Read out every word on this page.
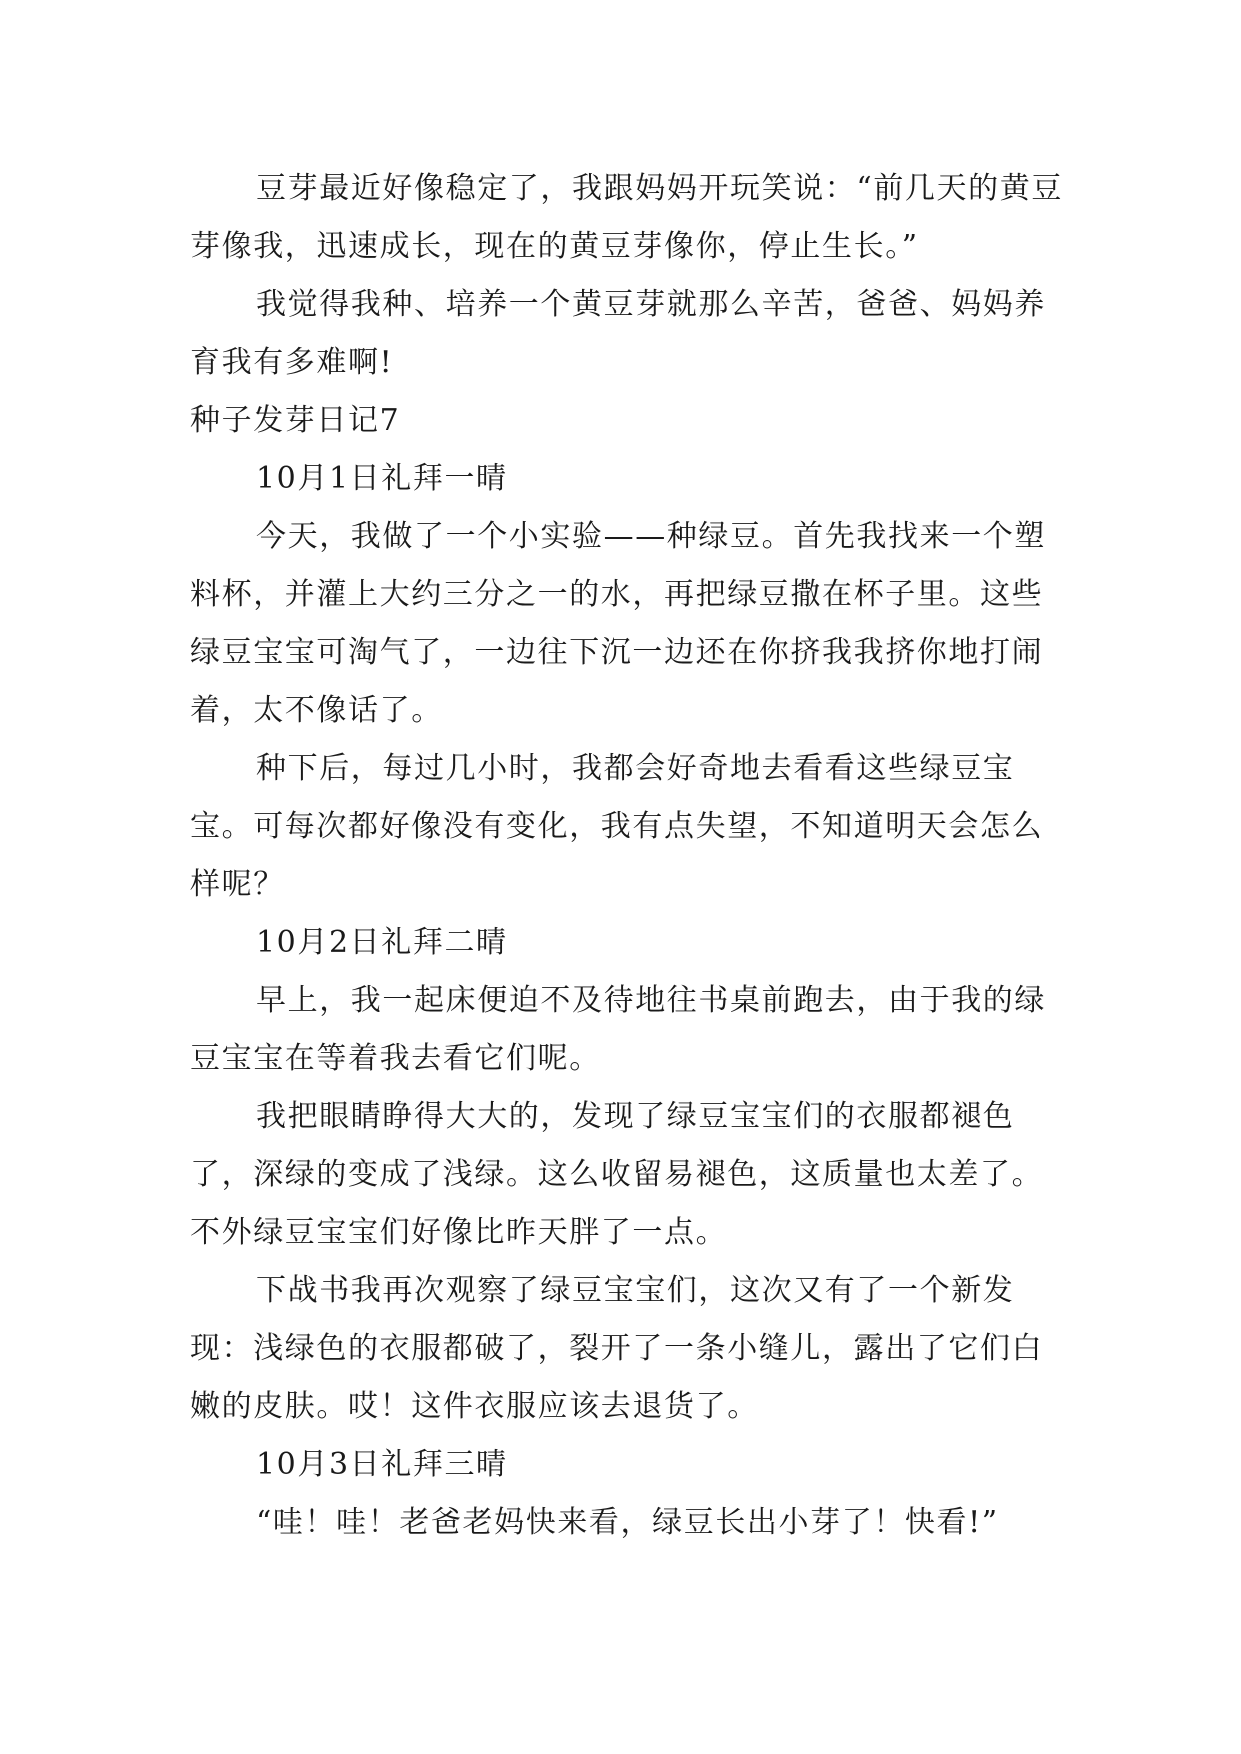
豆芽最近好像稳定了，我跟妈妈开玩笑说：“前几天的黄豆芽像我，迅速成长，现在的黄豆芽像你，停止生长。”

我觉得我种、培养一个黄豆芽就那么辛苦，爸爸、妈妈养育我有多难啊!

种子发芽日记7

10月1日礼拜一晴

今天，我做了一个小实验——种绿豆。首先我找来一个塑料杯，并灌上大约三分之一的水，再把绿豆撒在杯子里。这些绿豆宝宝可淘气了，一边往下沉一边还在你挤我我挤你地打闹着，太不像话了。

种下后，每过几小时，我都会好奇地去看看这些绿豆宝宝。可每次都好像没有变化，我有点失望，不知道明天会怎么样呢？

10月2日礼拜二晴

早上，我一起床便迫不及待地往书桌前跑去，由于我的绿豆宝宝在等着我去看它们呢。

我把眼睛睁得大大的，发现了绿豆宝宝们的衣服都褪色了，深绿的变成了浅绿。这么收留易褪色，这质量也太差了。不外绿豆宝宝们好像比昨天胖了一点。

下战书我再次观察了绿豆宝宝们，这次又有了一个新发现：浅绿色的衣服都破了，裂开了一条小缝儿，露出了它们白嫩的皮肤。哎！这件衣服应该去退货了。

10月3日礼拜三晴

“哇！哇！老爸老妈快来看，绿豆长出小芽了！快看!”
